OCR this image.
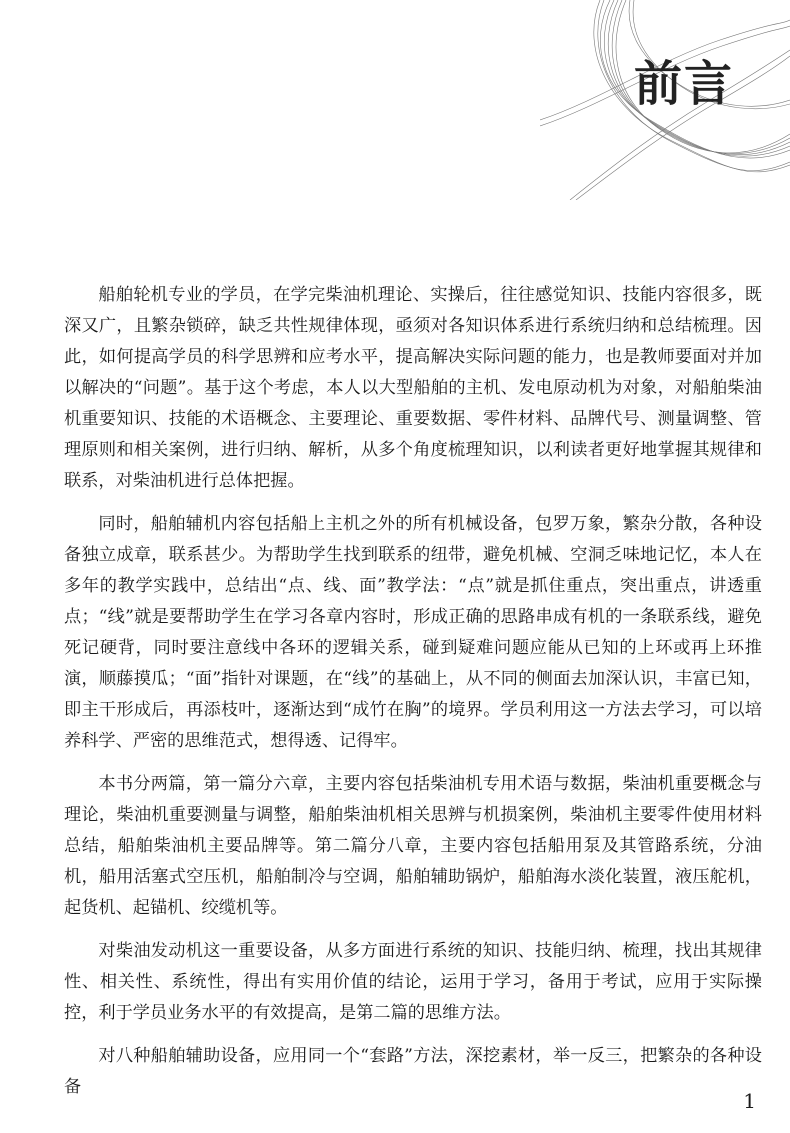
前言

船舶轮机专业的学员，在学完柴油机理论、实操后，往往感觉知识、技能内容很多，既深又广，且繁杂锁碎，缺乏共性规律体现，亟须对各知识体系进行系统归纳和总结梳理。因此，如何提高学员的科学思辨和应考水平，提高解决实际问题的能力，也是教师要面对并加以解决的“问题”。基于这个考虑，本人以大型船舶的主机、发电原动机为对象，对船舶柴油机重要知识、技能的术语概念、主要理论、重要数据、零件材料、品牌代号、测量调整、管理原则和相关案例，进行归纳、解析，从多个角度梳理知识，以利读者更好地掌握其规律和联系，对柴油机进行总体把握。

同时，船舶辅机内容包括船上主机之外的所有机械设备，包罗万象，繁杂分散，各种设备独立成章，联系甚少。为帮助学生找到联系的纽带，避免机械、空洞乏味地记忆，本人在多年的教学实践中，总结出“点、线、面”教学法：“点”就是抓住重点，突出重点，讲透重点；“线”就是要帮助学生在学习各章内容时，形成正确的思路串成有机的一条联系线，避免死记硬背，同时要注意线中各环的逻辑关系，碰到疑难问题应能从已知的上环或再上环推演，顺藤摸瓜；“面”指针对课题，在“线”的基础上，从不同的侧面去加深认识，丰富已知，即主干形成后，再添枝叶，逐渐达到“成竹在胸”的境界。学员利用这一方法去学习，可以培养科学、严密的思维范式，想得透、记得牢。

本书分两篇，第一篇分六章，主要内容包括柴油机专用术语与数据，柴油机重要概念与理论，柴油机重要测量与调整，船舶柴油机相关思辨与机损案例，柴油机主要零件使用材料总结，船舶柴油机主要品牌等。第二篇分八章，主要内容包括船用泵及其管路系统，分油机，船用活塞式空压机，船舶制冷与空调，船舶辅助锅炉，船舶海水淡化装置，液压舵机，起货机、起锚机、绞缆机等。

对柴油发动机这一重要设备，从多方面进行系统的知识、技能归纳、梳理，找出其规律性、相关性、系统性，得出有实用价值的结论，运用于学习，备用于考试，应用于实际操控，利于学员业务水平的有效提高，是第二篇的思维方法。

对八种船舶辅助设备，应用同一个“套路”方法，深挖素材，举一反三，把繁杂的各种设备

1
